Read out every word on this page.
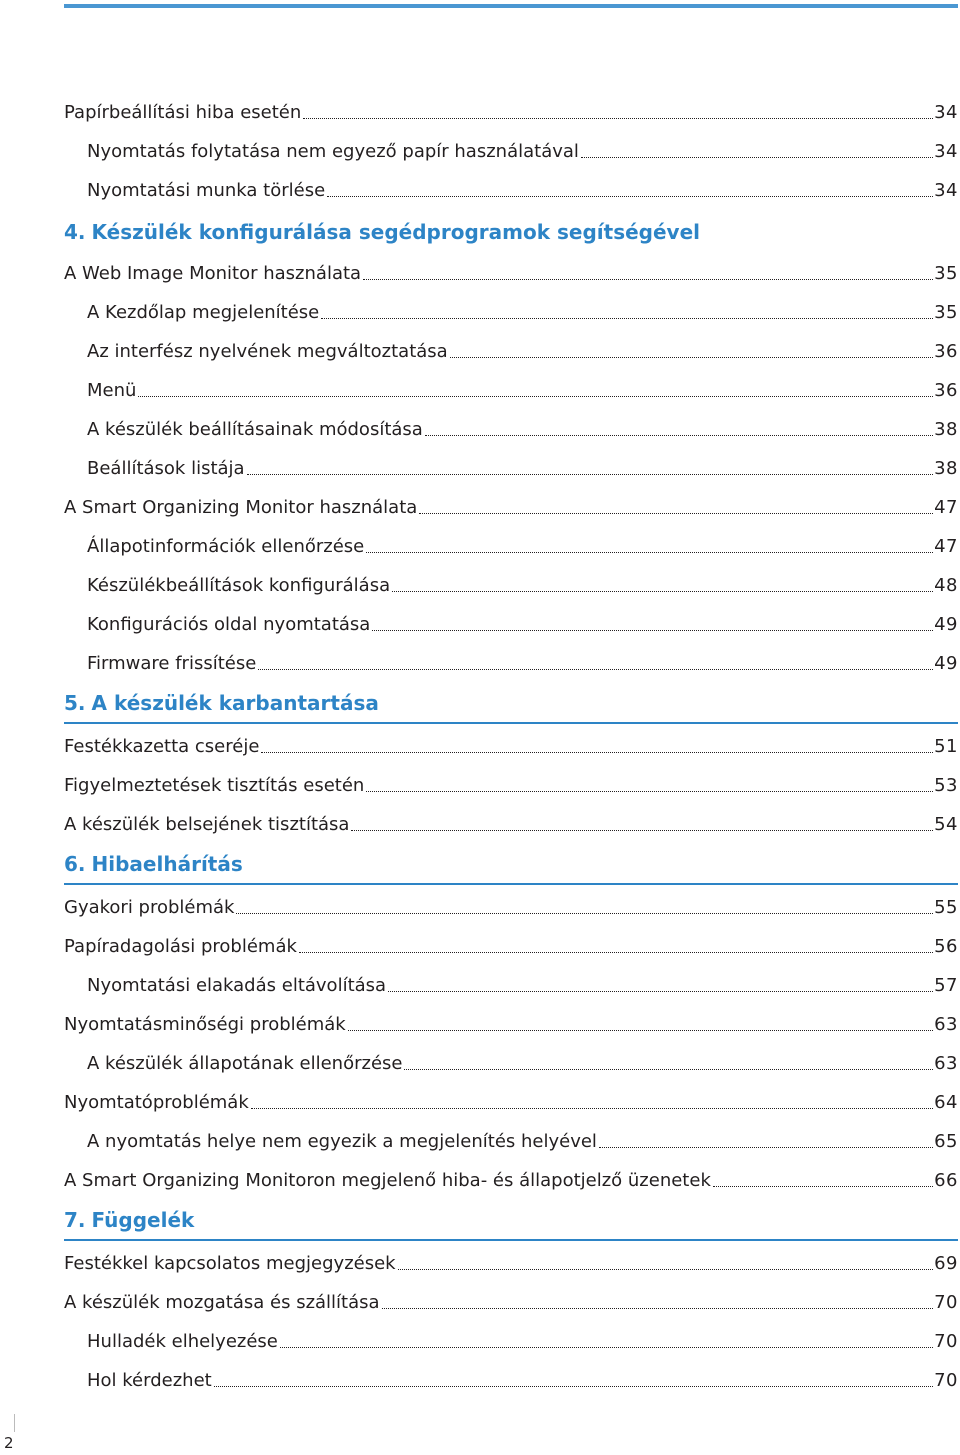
Papírbeállítási hiba esetén	34
Nyomtatás folytatása nem egyező papír használatával	34
Nyomtatási munka törlése	34
4. Készülék konfigurálása segédprogramok segítségével
A Web Image Monitor használata	35
A Kezdőlap megjelenítése	35
Az interfész nyelvének megváltoztatása	36
Menü	36
A készülék beállításainak módosítása	38
Beállítások listája	38
A Smart Organizing Monitor használata	47
Állapotinformációk ellenőrzése	47
Készülékbeállítások konfigurálása	48
Konfigurációs oldal nyomtatása	49
Firmware frissítése	49
5. A készülék karbantartása
Festékkazetta cseréje	51
Figyelmeztetések tisztítás esetén	53
A készülék belsejének tisztítása	54
6. Hibaelhárítás
Gyakori problémák	55
Papíradagolási problémák	56
Nyomtatási elakadás eltávolítása	57
Nyomtatásminőségi problémák	63
A készülék állapotának ellenőrzése	63
Nyomtatóproblémák	64
A nyomtatás helye nem egyezik a megjelenítés helyével	65
A Smart Organizing Monitoron megjelenő hiba- és állapotjelző üzenetek	66
7. Függelék
Festékkel kapcsolatos megjegyzések	69
A készülék mozgatása és szállítása	70
Hulladék elhelyezése	70
Hol kérdezhet	70
2
